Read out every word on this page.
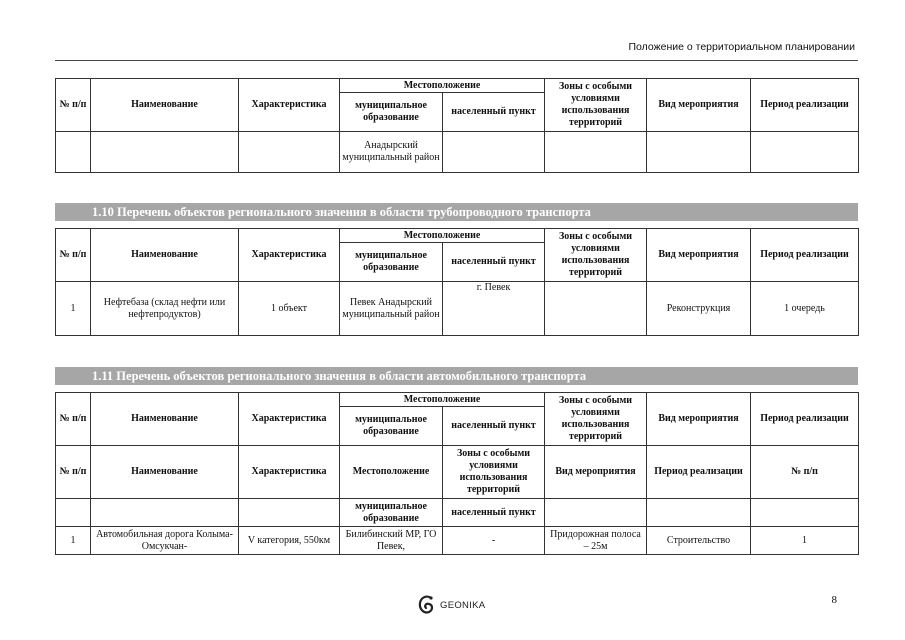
Положение о территориальном планировании
№ п/п	Наименование	Характеристика	Местоположение		Зоны с особыми условиями использования территорий	Вид мероприятия	Период реализации
			муниципальное образование	населенный пункт			
			Анадырский муниципальный район				
1.10 Перечень объектов регионального значения в области трубопроводного транспорта
№ п/п	Наименование	Характеристика	Местоположение		Зоны с особыми условиями использования территорий	Вид мероприятия	Период реализации
			муниципальное образование	населенный пункт			
1	Нефтебаза (склад нефти или нефтепродуктов)	1 объект	Певек Анадырский муниципальный район	г. Певек		Реконструкция	1 очередь
1.11 Перечень объектов регионального значения в области автомобильного транспорта
№ п/п	Наименование	Характеристика	Местоположение		Зоны с особыми условиями использования территорий	Вид мероприятия	Период реализации
			муниципальное образование	населенный пункт			
№ п/п	Наименование	Характеристика	Местоположение	Зоны с особыми условиями использования территорий	Вид мероприятия	Период реализации	№ п/п
			муниципальное образование	населенный пункт			
1	Автомобильная дорога Колыма-Омсукчан-	V категория, 550км	Билибинский МР, ГО Певек,	-	Придорожная полоса – 25м	Строительство	1
GEONIKA	8
